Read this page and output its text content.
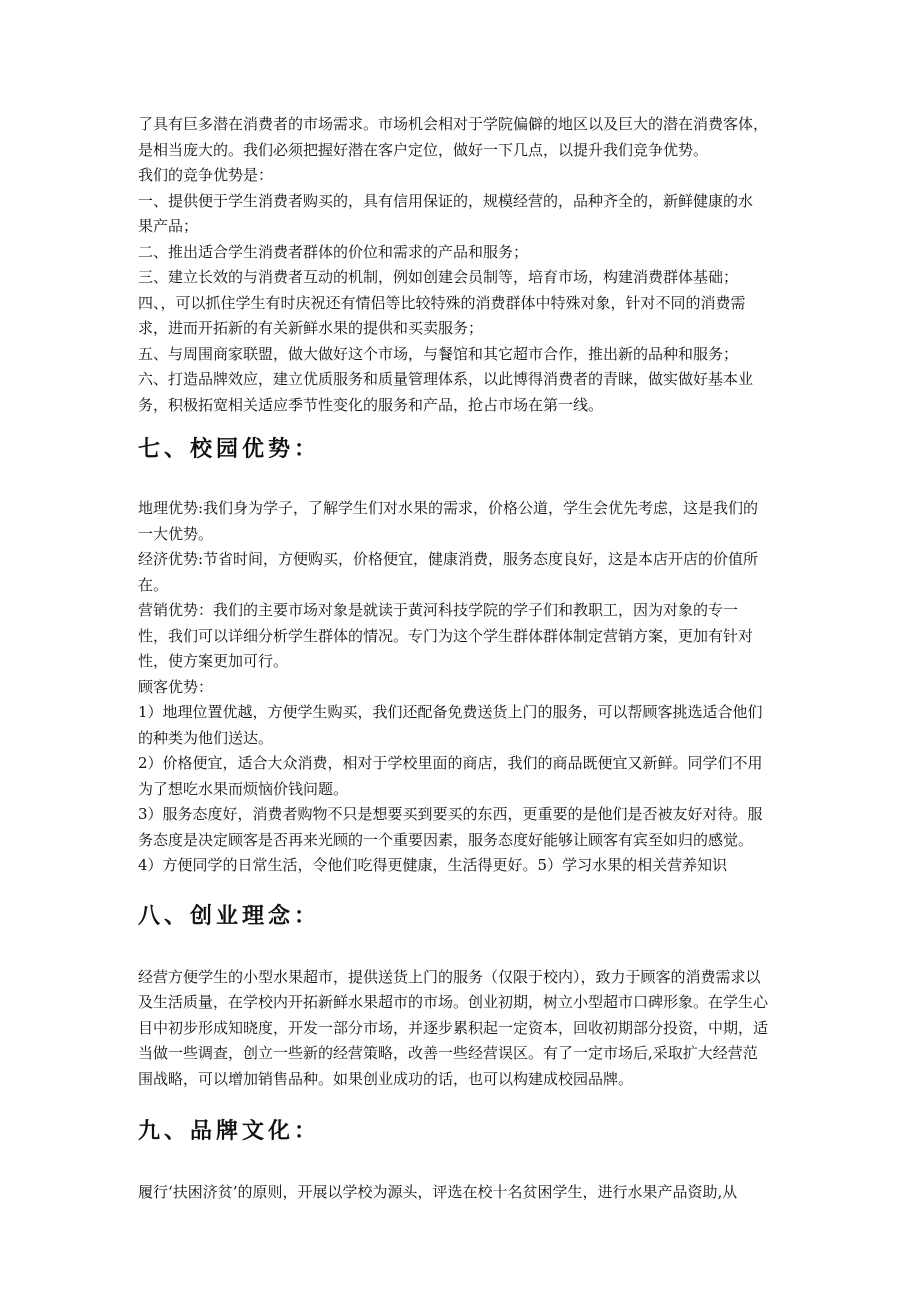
了具有巨多潜在消费者的市场需求。市场机会相对于学院偏僻的地区以及巨大的潜在消费客体，

是相当庞大的。我们必须把握好潜在客户定位，做好一下几点，以提升我们竞争优势。

我们的竞争优势是：

一、提供便于学生消费者购买的，具有信用保证的，规模经营的，品种齐全的，新鲜健康的水

果产品；

二、推出适合学生消费者群体的价位和需求的产品和服务；

三、建立长效的与消费者互动的机制，例如创建会员制等，培育市场，构建消费群体基础；

四、，可以抓住学生有时庆祝还有情侣等比较特殊的消费群体中特殊对象，针对不同的消费需

求，进而开拓新的有关新鲜水果的提供和买卖服务；

五、与周围商家联盟，做大做好这个市场，与餐馆和其它超市合作，推出新的品种和服务；

六、打造品牌效应，建立优质服务和质量管理体系，以此博得消费者的青睐，做实做好基本业

务，积极拓宽相关适应季节性变化的服务和产品，抢占市场在第一线。

七、校园优势：

地理优势:我们身为学子，了解学生们对水果的需求，价格公道，学生会优先考虑，这是我们的

一大优势。

经济优势:节省时间，方便购买，价格便宜，健康消费，服务态度良好，这是本店开店的价值所

在。

营销优势：我们的主要市场对象是就读于黄河科技学院的学子们和教职工，因为对象的专一

性，我们可以详细分析学生群体的情况。专门为这个学生群体群体制定营销方案，更加有针对

性，使方案更加可行。

顾客优势：

1）地理位置优越，方便学生购买，我们还配备免费送货上门的服务，可以帮顾客挑选适合他们

的种类为他们送达。

2）价格便宜，适合大众消费，相对于学校里面的商店，我们的商品既便宜又新鲜。同学们不用

为了想吃水果而烦恼价钱问题。

3）服务态度好，消费者购物不只是想要买到要买的东西，更重要的是他们是否被友好对待。服

务态度是决定顾客是否再来光顾的一个重要因素，服务态度好能够让顾客有宾至如归的感觉。

4）方便同学的日常生活，令他们吃得更健康，生活得更好。5）学习水果的相关营养知识

八、创业理念：

经营方便学生的小型水果超市，提供送货上门的服务（仅限于校内），致力于顾客的消费需求以

及生活质量，在学校内开拓新鲜水果超市的市场。创业初期，树立小型超市口碑形象。在学生心

目中初步形成知晓度，开发一部分市场，并逐步累积起一定资本，回收初期部分投资，中期，适

当做一些调查，创立一些新的经营策略，改善一些经营误区。有了一定市场后,采取扩大经营范

围战略，可以增加销售品种。如果创业成功的话，也可以构建成校园品牌。

九、品牌文化：

履行‘扶困济贫’的原则，开展以学校为源头，评选在校十名贫困学生，进行水果产品资助,从
